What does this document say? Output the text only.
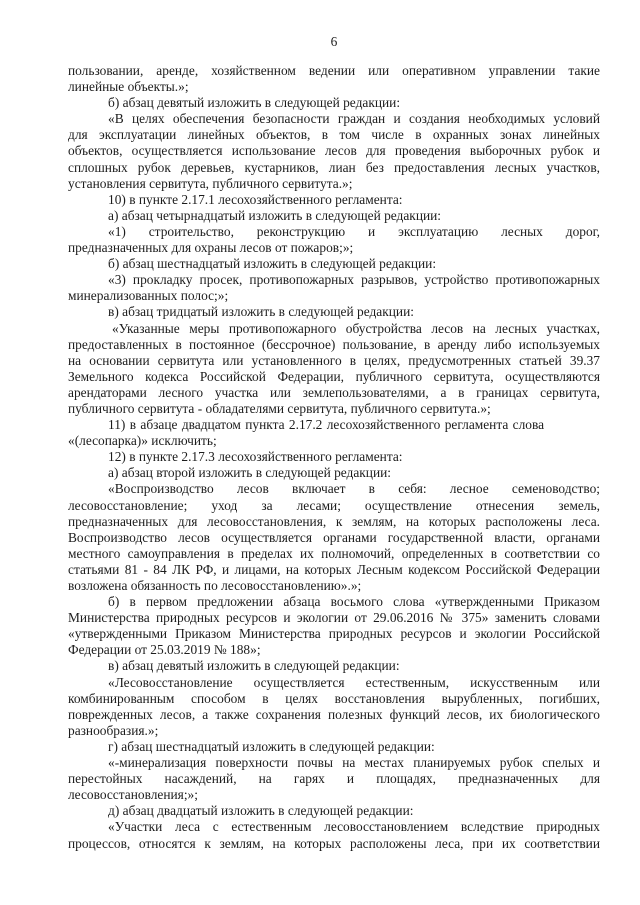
6
пользовании, аренде, хозяйственном ведении или оперативном управлении такие
линейные объекты.»;
б) абзац девятый изложить в следующей редакции:
«В целях обеспечения безопасности граждан и создания необходимых условий
для эксплуатации линейных объектов, в том числе в охранных зонах линейных
объектов, осуществляется использование лесов для проведения выборочных рубок и
сплошных рубок деревьев, кустарников, лиан без предоставления лесных участков,
установления сервитута, публичного сервитута.»;
10) в пункте 2.17.1 лесохозяйственного регламента:
а) абзац четырнадцатый изложить в следующей редакции:
«1) строительство, реконструкцию и эксплуатацию лесных дорог,
предназначенных для охраны лесов от пожаров;»;
б) абзац шестнадцатый изложить в следующей редакции:
«3) прокладку просек, противопожарных разрывов, устройство противопожарных
минерализованных полос;»;
в) абзац тридцатый изложить в следующей редакции:
«Указанные меры противопожарного обустройства лесов на лесных участках,
предоставленных в постоянное (бессрочное) пользование, в аренду либо используемых
на основании сервитута или установленного в целях, предусмотренных статьей 39.37
Земельного кодекса Российской Федерации, публичного сервитута, осуществляются
арендаторами лесного участка или землепользователями, а в границах сервитута,
публичного сервитута - обладателями сервитута, публичного сервитута.»;
11) в абзаце двадцатом пункта 2.17.2 лесохозяйственного регламента слова
«(лесопарка)» исключить;
12) в пункте 2.17.3 лесохозяйственного регламента:
а) абзац второй изложить в следующей редакции:
«Воспроизводство лесов включает в себя: лесное семеноводство;
лесовосстановление; уход за лесами; осуществление отнесения земель,
предназначенных для лесовосстановления, к землям, на которых расположены леса.
Воспроизводство лесов осуществляется органами государственной власти, органами
местного самоуправления в пределах их полномочий, определенных в соответствии со
статьями 81 - 84 ЛК РФ, и лицами, на которых Лесным кодексом Российской Федерации
возложена обязанность по лесовосстановлению».»;
б) в первом предложении абзаца восьмого слова «утвержденными Приказом
Министерства природных ресурсов и экологии от 29.06.2016 № 375» заменить словами
«утвержденными Приказом Министерства природных ресурсов и экологии Российской
Федерации от 25.03.2019 № 188»;
в) абзац девятый изложить в следующей редакции:
«Лесовосстановление осуществляется естественным, искусственным или
комбинированным способом в целях восстановления вырубленных, погибших,
поврежденных лесов, а также сохранения полезных функций лесов, их биологического
разнообразия.»;
г) абзац шестнадцатый изложить в следующей редакции:
«-минерализация поверхности почвы на местах планируемых рубок спелых и
перестойных насаждений, на гарях и площадях, предназначенных для
лесовосстановления;»;
д) абзац двадцатый изложить в следующей редакции:
«Участки леса с естественным лесовосстановлением вследствие природных
процессов, относятся к землям, на которых расположены леса, при их соответствии
